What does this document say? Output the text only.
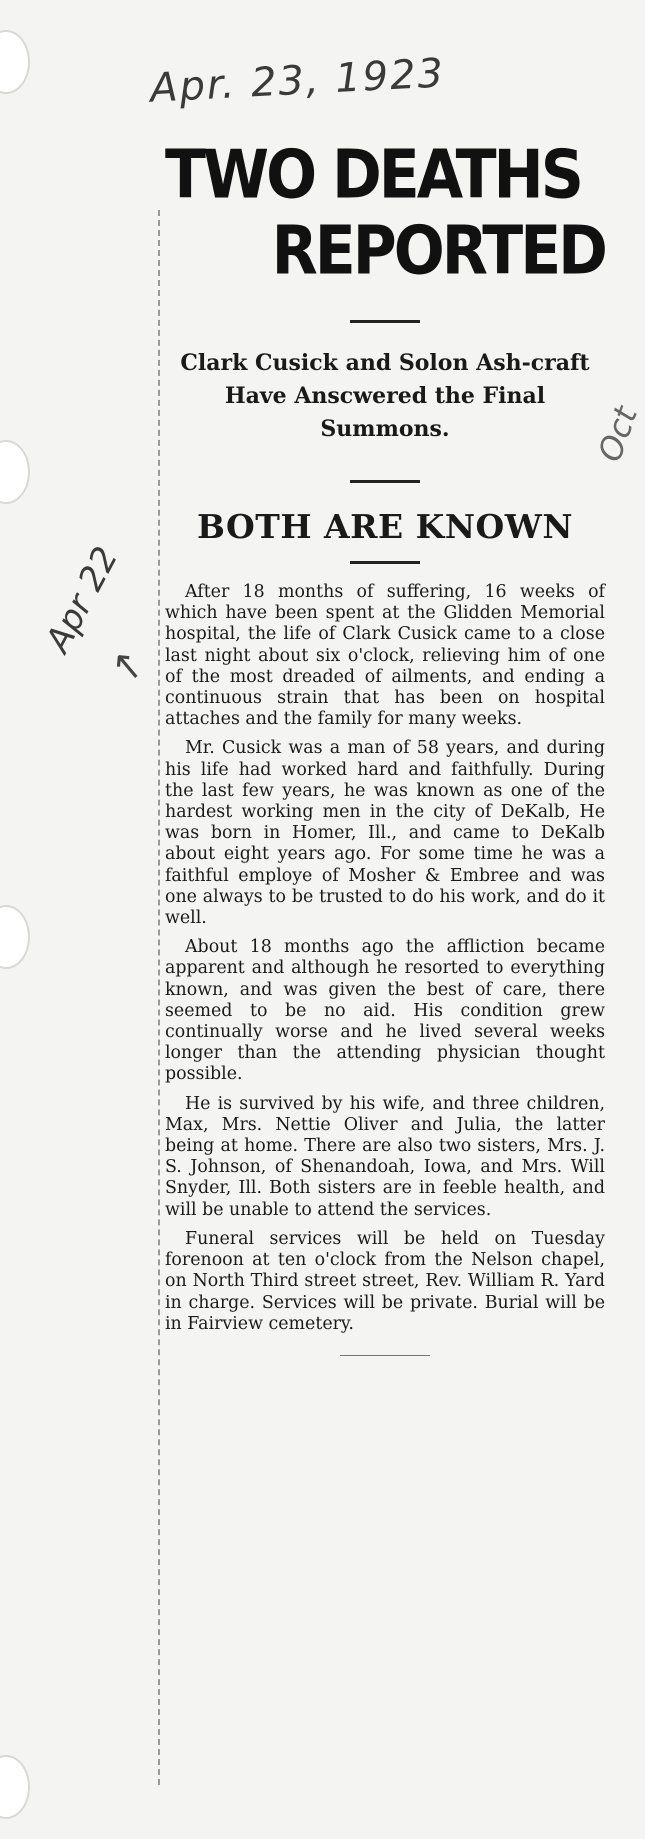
Apr. 23, 1923
Apr 22
↑
Oct
TWO DEATHS
REPORTED
Clark Cusick and Solon Ash-craft Have Anscwered the Final Summons.
BOTH ARE KNOWN

After 18 months of suffering, 16 weeks of which have been spent at the Glidden Memorial hospital, the life of Clark Cusick came to a close last night about six o'clock, relieving him of one of the most dreaded of ailments, and ending a continuous strain that has been on hospital attaches and the family for many weeks.

Mr. Cusick was a man of 58 years, and during his life had worked hard and faithfully. During the last few years, he was known as one of the hardest working men in the city of DeKalb, He was born in Homer, Ill., and came to DeKalb about eight years ago. For some time he was a faithful employe of Mosher & Embree and was one always to be trusted to do his work, and do it well.

About 18 months ago the affliction became apparent and although he resorted to everything known, and was given the best of care, there seemed to be no aid. His condition grew continually worse and he lived several weeks longer than the attending physician thought possible.

He is survived by his wife, and three children, Max, Mrs. Nettie Oliver and Julia, the latter being at home. There are also two sisters, Mrs. J. S. Johnson, of Shenandoah, Iowa, and Mrs. Will Snyder, Ill. Both sisters are in feeble health, and will be unable to attend the services.

Funeral services will be held on Tuesday forenoon at ten o'clock from the Nelson chapel, on North Third street street, Rev. William R. Yard in charge. Services will be private. Burial will be in Fairview cemetery.
